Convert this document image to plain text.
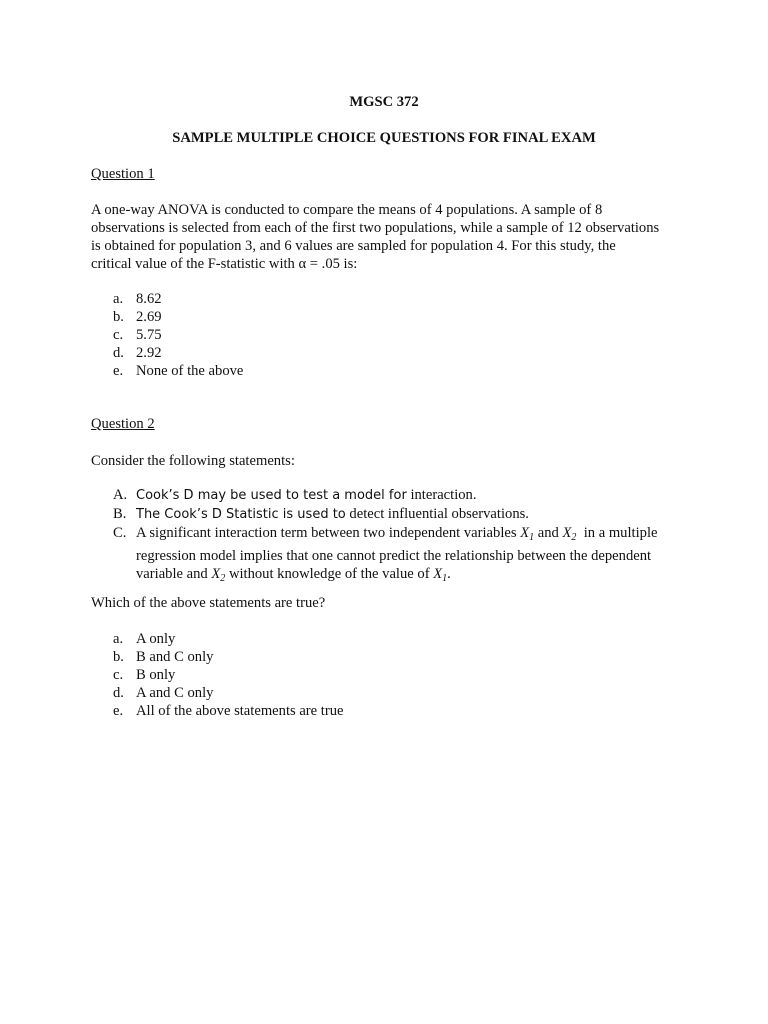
MGSC 372
SAMPLE MULTIPLE CHOICE QUESTIONS FOR FINAL EXAM
Question 1
A one-way ANOVA is conducted to compare the means of 4 populations. A sample of 8
observations is selected from each of the first two populations, while a sample of 12 observations
is obtained for population 3, and 6 values are sampled for population 4. For this study, the
critical value of the F-statistic with α = .05 is:
a. 8.62
b. 2.69
c. 5.75
d. 2.92
e. None of the above
Question 2
Consider the following statements:
A. Cook’s D may be used to test a model for interaction.
B. The Cook’s D Statistic is used to detect influential observations.
C. A significant interaction term between two independent variables $X_1$ and $X_2$  in a multiple
regression model implies that one cannot predict the relationship between the dependent
variable and $X_2$ without knowledge of the value of $X_1$.
Which of the above statements are true?
a. A only
b. B and C only
c. B only
d. A and C only
e. All of the above statements are true
